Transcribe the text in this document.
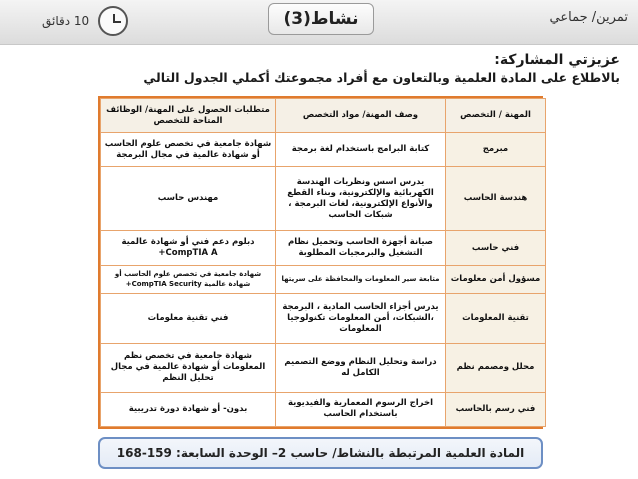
تمرين/ جماعي
نشاط(3)
10 دقائق
عزيزتي المشاركة:
بالاطلاع على المادة العلمية وبالتعاون مع أفراد مجموعتك أكملي الجدول التالي
المهنة / التخصص	وصف المهنة/ مواد التخصص	متطلبات الحصول على المهنة/ الوظائف المتاحة للتخصص
مبرمج	كتابة البرامج باستخدام لغة برمجة	شهادة جامعية في تخصص علوم الحاسب أو شهادة عالمية في مجال البرمجة
هندسة الحاسب	يدرس اسس ونظريات الهندسة الكهربائية والإلكترونية، وبناء القطع والأنواع الإلكترونية، لغات البرمجة ، شبكات الحاسب	مهندس حاسب
فني حاسب	صيانة أجهزة الحاسب وتحميل نظام التشغيل والبرمجيات المطلوبة	دبلوم دعم فني أو شهادة عالمية CompTIA A+
مسؤول أمن معلومات	متابعة سير المعلومات والمحافظة على سريتها	شهادة جامعية في تخصص علوم الحاسب أو شهادة عالمية CompTIA Security+
تقنية المعلومات	يدرس أجزاء الحاسب المادية ، البرمجة ،الشبكات، أمن المعلومات تكنولوجيا المعلومات	فني تقنية معلومات
محلل ومصمم نظم	دراسة وتحليل النظام ووضع التصميم الكامل له	شهادة جامعية في تخصص نظم المعلومات أو شهادة عالمية في مجال تحليل النظم
فني رسم بالحاسب	اخراج الرسوم المعمارية والفيديوية باستخدام الحاسب	بدون- أو شهادة دورة تدريبية
المادة العلمية المرتبطة بالنشاط/ حاسب 2– الوحدة السابعة: 159-168
